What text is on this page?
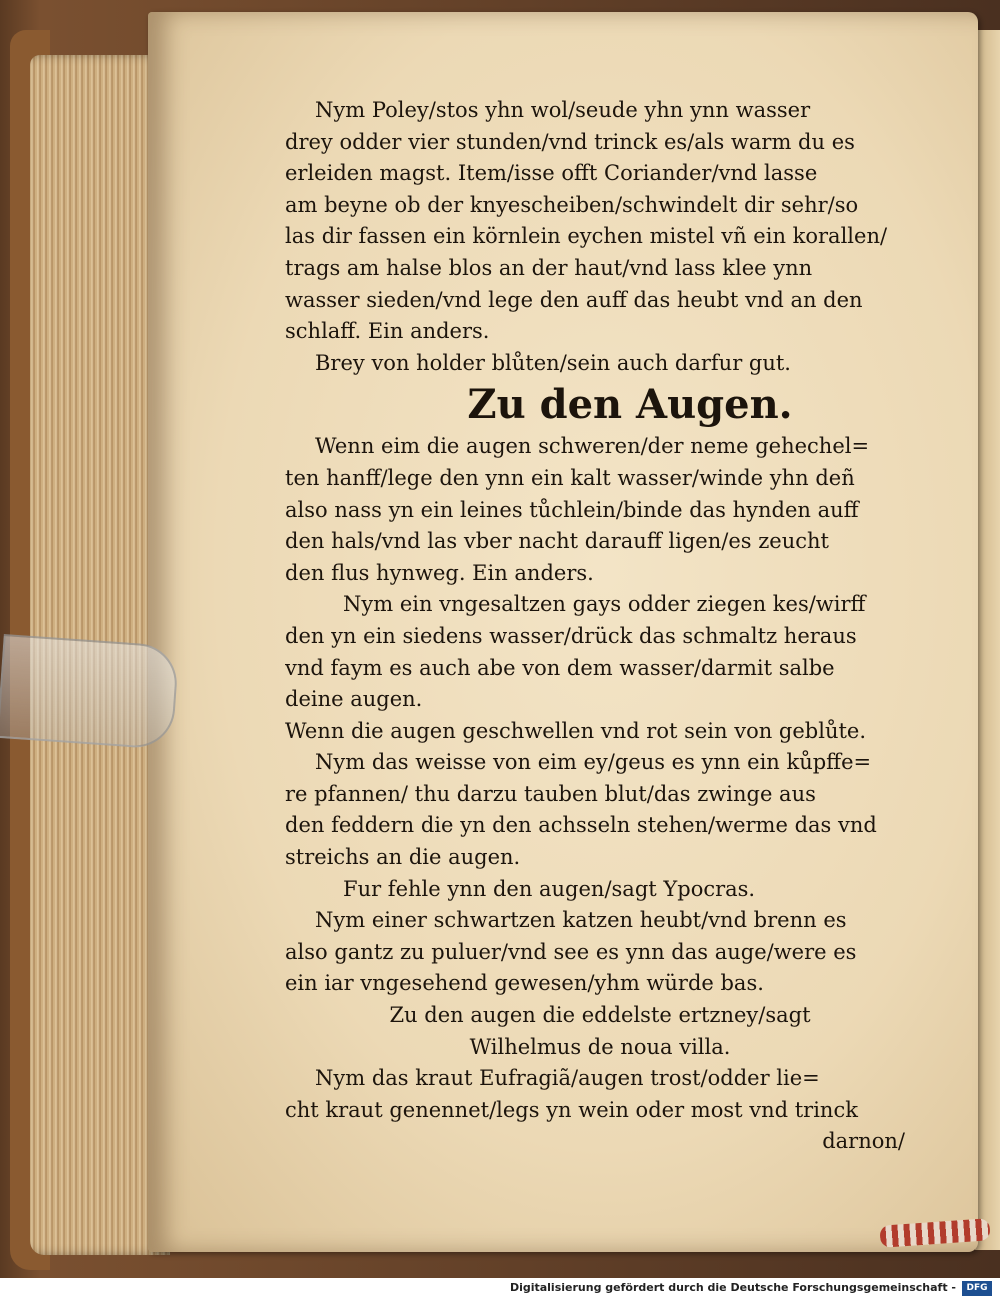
Nym Poley/stos yhn wol/seude yhn ynn wasser
drey odder vier stunden/vnd trinck es/als warm du es
erleiden magst. Item/isse offt Coriander/vnd lasse
am beyne ob der knyescheiben/schwindelt dir sehr/so
las dir fassen ein körnlein eychen mistel vñ ein korallen/
trags am halse blos an der haut/vnd lass klee ynn
wasser sieden/vnd lege den auff das heubt vnd an den
schlaff. Ein anders.
Brey von holder blůten/sein auch darfur gut.
Zu den Augen.
Wenn eim die augen schweren/der neme gehechel=
ten hanff/lege den ynn ein kalt wasser/winde yhn deñ
also nass yn ein leines tůchlein/binde das hynden auff
den hals/vnd las vber nacht darauff ligen/es zeucht
den flus hynweg. Ein anders.
Nym ein vngesaltzen gays odder ziegen kes/wirff
den yn ein siedens wasser/drück das schmaltz heraus
vnd faym es auch abe von dem wasser/darmit salbe
deine augen.
Wenn die augen geschwellen vnd rot sein von geblůte.
Nym das weisse von eim ey/geus es ynn ein kůpffe=
re pfannen/ thu darzu tauben blut/das zwinge aus
den feddern die yn den achsseln stehen/werme das vnd
streichs an die augen.
Fur fehle ynn den augen/sagt Ypocras.
Nym einer schwartzen katzen heubt/vnd brenn es
also gantz zu puluer/vnd see es ynn das auge/were es
ein iar vngesehend gewesen/yhm würde bas.
Zu den augen die eddelste ertzney/sagt
Wilhelmus de noua villa.
Nym das kraut Eufragiã/augen trost/odder lie=
cht kraut genennet/legs yn wein oder most vnd trinck
darnon/
Digitalisierung gefördert durch die Deutsche Forschungsgemeinschaft -	DFG
